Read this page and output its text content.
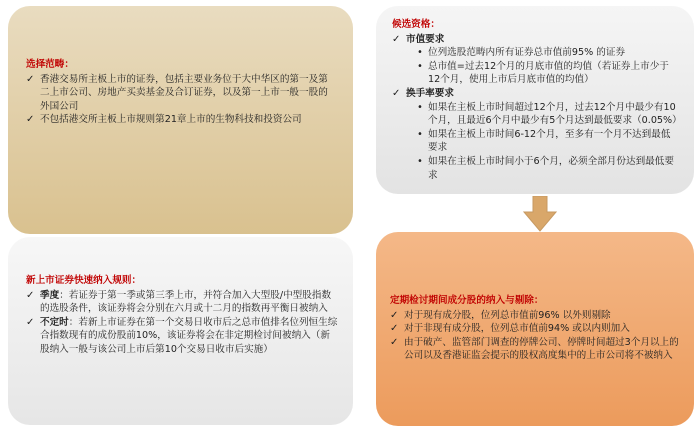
选择范畴：
✓ 香港交易所主板上市的证券，包括主要业务位于大中华区的第一及第二上市公司、房地产买卖基金及合订证券，以及第一上市一般一股的外国公司
✓ 不包括港交所主板上市规则第21章上市的生物科技和投资公司
候选资格：
✓ 市值要求
• 位列选股范畴内所有证券总市值前95% 的证券
• 总市值=过去12个月的月底市值的均值（若证券上市少于12个月，使用上市后月底市值的均值）
✓ 换手率要求
• 如果在主板上市时间超过12个月，过去12个月中最少有10个月，且最近6个月中最少有5个月达到最低要求（0.05%）
• 如果在主板上市时间6-12个月，至多有一个月不达到最低要求
• 如果在主板上市时间小于6个月，必须全部月份达到最低要求
新上市证券快速纳入规则：
✓ 季度：若证券于第一季或第三季上市，并符合加入大型股/中型股指数的选股条件，该证券将会分别在六月或十二月的指数再平衡日被纳入
✓ 不定时：若新上市证券在第一个交易日收市后之总市值排名位列恒生综合指数现有的成份股前10%，该证券将会在非定期检讨间被纳入（新股纳入一般与该公司上市后第10个交易日收市后实施）
定期检讨期间成分股的纳入与剔除：
✓ 对于现有成分股，位列总市值前96% 以外则剔除
✓ 对于非现有成分股，位列总市值前94% 或以内则加入
✓ 由于破产、监管部门调查的停牌公司、停牌时间超过3个月以上的公司以及香港证监会提示的股权高度集中的上市公司将不被纳入
